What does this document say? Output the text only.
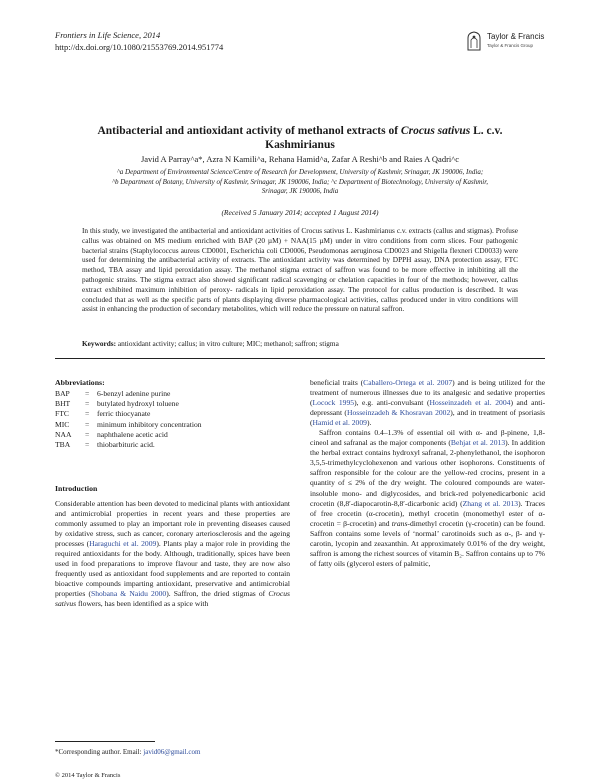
Frontiers in Life Science, 2014
http://dx.doi.org/10.1080/21553769.2014.951774
Taylor & Francis
Taylor & Francis Group
Antibacterial and antioxidant activity of methanol extracts of Crocus sativus L. c.v.
Kashmirianus
Javid A Parray^a*, Azra N Kamili^a, Rehana Hamid^a, Zafar A Reshi^b and Raies A Qadri^c
^a Department of Environmental Science/Centre of Research for Development, University of Kashmir, Srinagar, JK 190006, India;
^b Department of Botany, University of Kashmir, Srinagar, JK 190006, India; ^c Department of Biotechnology, University of Kashmir,
Srinagar, JK 190006, India
(Received 5 January 2014; accepted 1 August 2014)
In this study, we investigated the antibacterial and antioxidant activities of Crocus sativus L. Kashmirianus c.v. extracts (callus and stigmas). Profuse callus was obtained on MS medium enriched with BAP (20 µM) + NAA(15 µM) under in vitro conditions from corm slices. Four pathogenic bacterial strains (Staphylococcus aureus CD0001, Escherichia coli CD0006, Pseudomonas aeruginosa CD0023 and Shigella flexneri CD0033) were used for determining the antibacterial activity of extracts. The antioxidant activity was determined by DPPH assay, DNA protection assay, FTC method, TBA assay and lipid peroxidation assay. The methanol stigma extract of saffron was found to be more effective in inhibiting all the pathogenic strains. The stigma extract also showed significant radical scavenging or chelation capacities in four of the methods; however, callus extract exhibited maximum inhibition of peroxy- radicals in lipid peroxidation assay. The protocol for callus production is described. It was concluded that as well as the specific parts of plants displaying diverse pharmacological activities, callus produced under in vitro conditions will assist in enhancing the production of secondary metabolites, which will reduce the pressure on natural saffron.
Keywords: antioxidant activity; callus; in vitro culture; MIC; methanol; saffron; stigma
Abbreviations:
BAP = 6-benzyl adenine purine
BHT = butylated hydroxyl toluene
FTC = ferric thiocyanate
MIC = minimum inhibitory concentration
NAA = naphthalene acetic acid
TBA = thiobarbituric acid.
Introduction

Considerable attention has been devoted to medicinal plants with antioxidant and antimicrobial properties in recent years and these properties are commonly assumed to play an important role in preventing diseases caused by oxidative stress, such as cancer, coronary arteriosclerosis and the ageing processes (Haraguchi et al. 2009). Plants play a major role in providing the required antioxidants for the body. Although, traditionally, spices have been used in food preparations to improve flavour and taste, they are now also frequently used as antioxidant food supplements and are reported to contain bioactive compounds imparting antioxidant, preservative and antimicrobial properties (Shobana & Naidu 2000). Saffron, the dried stigmas of Crocus sativus flowers, has been identified as a spice with

beneficial traits (Caballero-Ortega et al. 2007) and is being utilized for the treatment of numerous illnesses due to its analgesic and sedative properties (Locock 1995), e.g. anti-convulsant (Hosseinzadeh et al. 2004) and anti-depressant (Hosseinzadeh & Khosravan 2002), and in treatment of psoriasis (Hamid et al. 2009).

Saffron contains 0.4–1.3% of essential oil with α- and β-pinene, 1,8-cineol and safranal as the major components (Behjat et al. 2013). In addition the herbal extract contains hydroxyl safranal, 2-phenylethanol, the isophoron 3,5,5-trimethylcyclohexenon and various other isophorons. Constituents of saffron responsible for the colour are the yellow-red crocins, present in a quantity of ≤ 2% of the dry weight. The coloured compounds are water-insoluble mono- and diglycosides, and brick-red polyenedicarbonic acid crocetin (8,8′-diapocarotin-8,8′-dicarbonic acid) (Zhang et al. 2013). Traces of free crocetin (α-crocetin), methyl crocetin (monomethyl ester of α-crocetin = β-crocetin) and trans-dimethyl crocetin (γ-crocetin) can be found. Saffron contains some levels of ‘normal’ carotinoids such as α-, β- and γ-carotin, lycopin and zeaxanthin. At approximately 0.01% of the dry weight, saffron is among the richest sources of vitamin B₂. Saffron contains up to 7% of fatty oils (glycerol esters of palmitic,

*Corresponding author. Email: javid06@gmail.com
© 2014 Taylor & Francis
